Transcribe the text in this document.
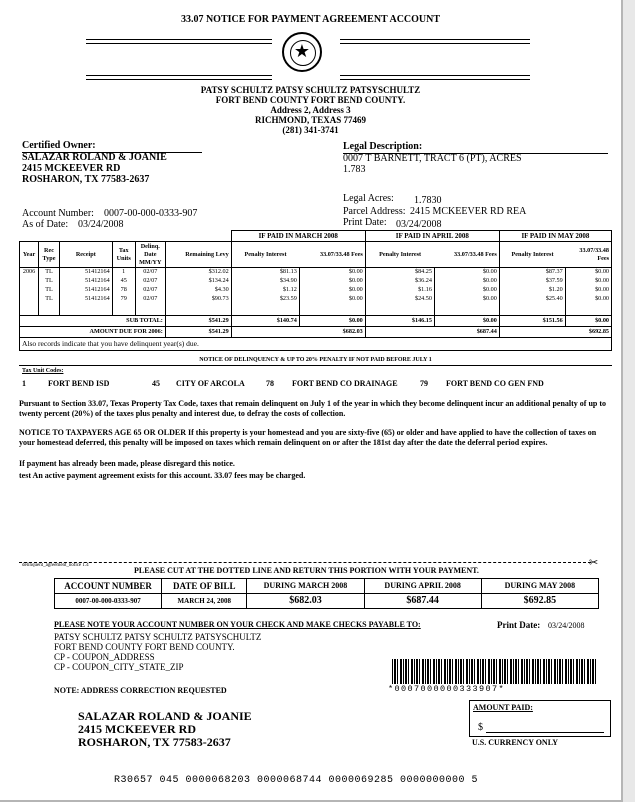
33.07 NOTICE FOR PAYMENT AGREEMENT ACCOUNT
★
PATSY SCHULTZ PATSY SCHULTZ PATSYSCHULTZ
FORT BEND COUNTY FORT BEND COUNTY.
Address 2, Address 3
RICHMOND, TEXAS 77469
(281) 341-3741
Certified Owner:
SALAZAR ROLAND & JOANIE
2415 MCKEEVER RD
ROSHARON, TX 77583-2637
Legal Description:
0007 T BARNETT, TRACT 6 (PT), ACRES
1.783
Legal Acres: 1.7830
Parcel Address: 2415 MCKEEVER RD REA
Print Date: 03/24/2008
Account Number: 0007-00-000-0333-907
As of Date: 03/24/2008
						IF PAID IN MARCH 2008		IF PAID IN APRIL 2008		IF PAID IN MAY 2008	
Year	Rec Type	Receipt	Tax Units	Delinq. Date MM/YY	Remaining Levy	Penalty Interest	33.07/33.48 Fees	Penalty Interest	33.07/33.48 Fees	Penalty Interest	33.07/33.48 Fees
2006	TL	51412164	1	02/07	$312.02	$81.13	$0.00	$84.25	$0.00	$87.37	$0.00
	TL	51412164	45	02/07	$134.24	$34.90	$0.00	$36.24	$0.00	$37.59	$0.00
	TL	51412164	78	02/07	$4.30	$1.12	$0.00	$1.16	$0.00	$1.20	$0.00
	TL	51412164	79	02/07	$90.73	$23.59	$0.00	$24.50	$0.00	$25.40	$0.00

SUB TOTAL:					$541.29	$140.74	$0.00	$146.15	$0.00	$151.56	$0.00
AMOUNT DUE FOR 2006:					$541.29	$682.03		$687.44		$692.85	
Also records indicate that you have delinquent year(s) due.											
NOTICE OF DELINQUENCY & UP TO 20% PENALTY IF NOT PAID BEFORE JULY 1
Tax Unit Codes:
1	FORT BEND ISD	45 CITY OF ARCOLA	78 FORT BEND CO DRAINAGE	79 FORT BEND CO GEN FND
Pursuant to Section 33.07, Texas Property Tax Code, taxes that remain delinquent on July 1 of the year in which they become delinquent incur an additional penalty of up to twenty percent (20%) of the taxes plus penalty and interest due, to defray the costs of collection.
NOTICE TO TAXPAYERS AGE 65 OR OLDER If this property is your homestead and you are sixty-five (65) or older and have applied to have the collection of taxes on your homestead deferred, this penalty will be imposed on taxes which remain delinquent on or after the 181st day after the date the deferral period expires.
If payment has already been made, please disregard this notice.
test An active payment agreement exists for this account. 33.07 fees may be charged.
delinquent_agreement_notice 1.4
PLEASE CUT AT THE DOTTED LINE AND RETURN THIS PORTION WITH YOUR PAYMENT.
✂
ACCOUNT NUMBER	DATE OF BILL	DURING MARCH 2008	DURING APRIL 2008	DURING MAY 2008
0007-00-000-0333-907	MARCH 24, 2008	$682.03	$687.44	$692.85
PLEASE NOTE YOUR ACCOUNT NUMBER ON YOUR CHECK AND MAKE CHECKS PAYABLE TO:	Print Date: 03/24/2008
PATSY SCHULTZ PATSY SCHULTZ PATSYSCHULTZ
FORT BEND COUNTY FORT BEND COUNTY.
CP - COUPON_ADDRESS
CP - COUPON_CITY_STATE_ZIP
*0007000000333907*
NOTE: ADDRESS CORRECTION REQUESTED
AMOUNT PAID:
$
U.S. CURRENCY ONLY
SALAZAR ROLAND & JOANIE
2415 MCKEEVER RD
ROSHARON, TX 77583-2637
R30657 045 0000068203 0000068744 0000069285 0000000000 5
